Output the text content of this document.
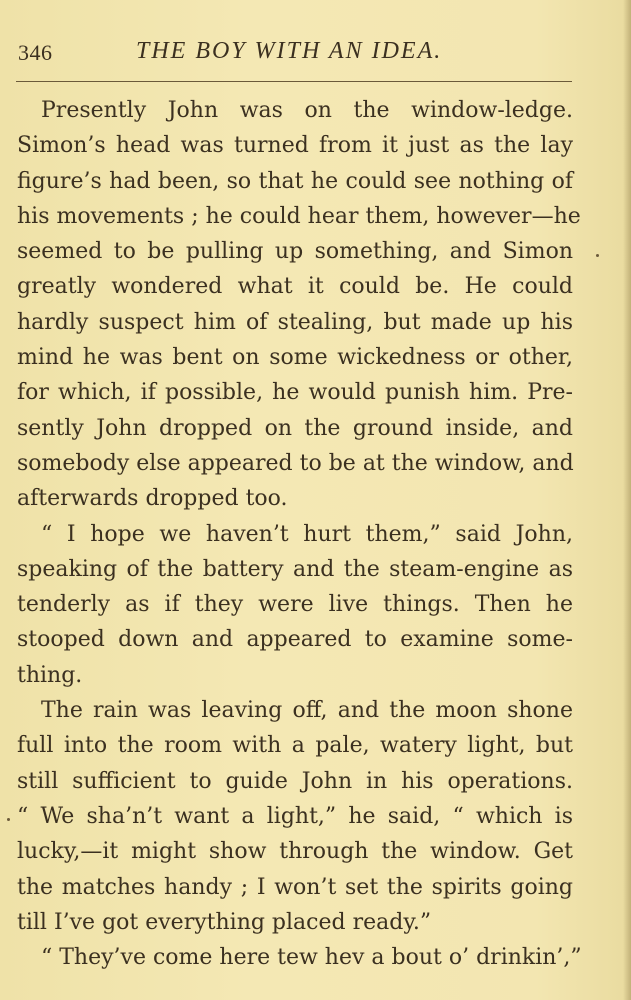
346	THE BOY WITH AN IDEA.
Presently John was on the window-ledge.
Simon’s head was turned from it just as the lay
figure’s had been, so that he could see nothing of
his movements ; he could hear them, however—he
seemed to be pulling up something, and Simon
greatly wondered what it could be. He could
hardly suspect him of stealing, but made up his
mind he was bent on some wickedness or other,
for which, if possible, he would punish him. Pre-
sently John dropped on the ground inside, and
somebody else appeared to be at the window, and
afterwards dropped too.
“ I hope we haven’t hurt them,” said John,
speaking of the battery and the steam-engine as
tenderly as if they were live things. Then he
stooped down and appeared to examine some-
thing.
The rain was leaving off, and the moon shone
full into the room with a pale, watery light, but
still sufficient to guide John in his operations.
“ We sha’n’t want a light,” he said, “ which is
lucky,—it might show through the window. Get
the matches handy ; I won’t set the spirits going
till I’ve got everything placed ready.”
“ They’ve come here tew hev a bout o’ drinkin’,”
